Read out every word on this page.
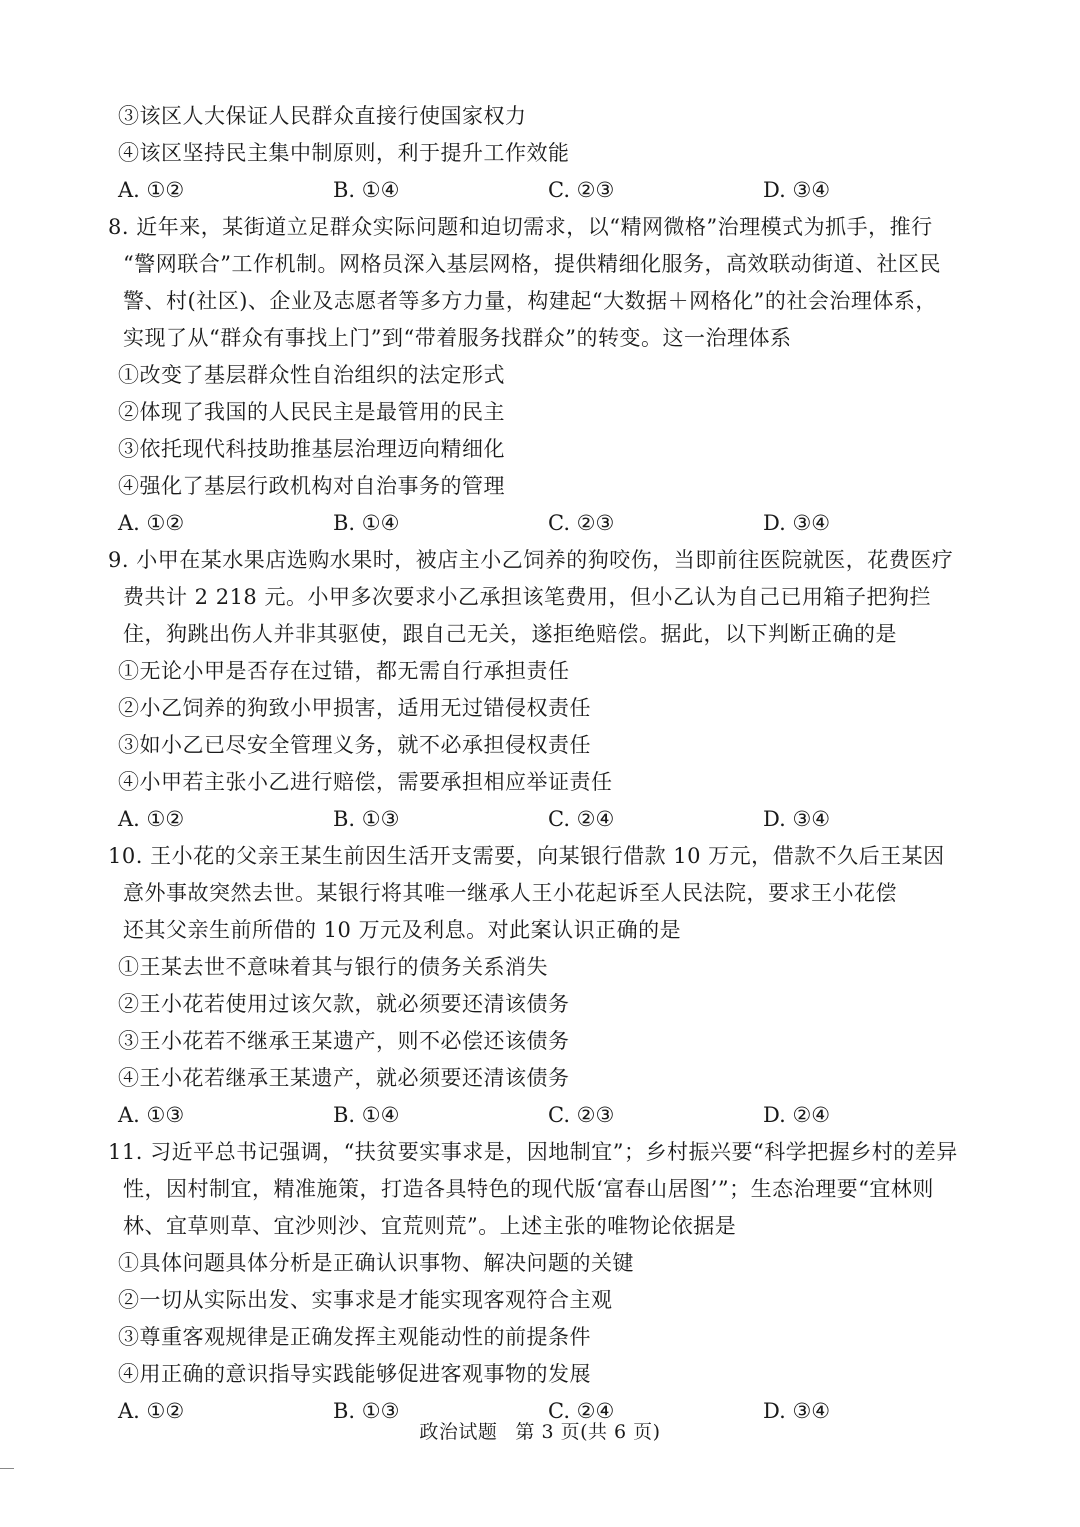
③该区人大保证人民群众直接行使国家权力
④该区坚持民主集中制原则，利于提升工作效能
A. ①②	B. ①④	C. ②③	D. ③④
8. 近年来，某街道立足群众实际问题和迫切需求，以“精网微格”治理模式为抓手，推行
“警网联合”工作机制。网格员深入基层网格，提供精细化服务，高效联动街道、社区民
警、村(社区)、企业及志愿者等多方力量，构建起“大数据＋网格化”的社会治理体系，
实现了从“群众有事找上门”到“带着服务找群众”的转变。这一治理体系
①改变了基层群众性自治组织的法定形式
②体现了我国的人民民主是最管用的民主
③依托现代科技助推基层治理迈向精细化
④强化了基层行政机构对自治事务的管理
A. ①②	B. ①④	C. ②③	D. ③④
9. 小甲在某水果店选购水果时，被店主小乙饲养的狗咬伤，当即前往医院就医，花费医疗
费共计 2 218 元。小甲多次要求小乙承担该笔费用，但小乙认为自己已用箱子把狗拦
住，狗跳出伤人并非其驱使，跟自己无关，遂拒绝赔偿。据此，以下判断正确的是
①无论小甲是否存在过错，都无需自行承担责任
②小乙饲养的狗致小甲损害，适用无过错侵权责任
③如小乙已尽安全管理义务，就不必承担侵权责任
④小甲若主张小乙进行赔偿，需要承担相应举证责任
A. ①②	B. ①③	C. ②④	D. ③④
10. 王小花的父亲王某生前因生活开支需要，向某银行借款 10 万元，借款不久后王某因
意外事故突然去世。某银行将其唯一继承人王小花起诉至人民法院，要求王小花偿
还其父亲生前所借的 10 万元及利息。对此案认识正确的是
①王某去世不意味着其与银行的债务关系消失
②王小花若使用过该欠款，就必须要还清该债务
③王小花若不继承王某遗产，则不必偿还该债务
④王小花若继承王某遗产，就必须要还清该债务
A. ①③	B. ①④	C. ②③	D. ②④
11. 习近平总书记强调，“扶贫要实事求是，因地制宜”；乡村振兴要“科学把握乡村的差异
性，因村制宜，精准施策，打造各具特色的现代版‘富春山居图’”；生态治理要“宜林则
林、宜草则草、宜沙则沙、宜荒则荒”。上述主张的唯物论依据是
①具体问题具体分析是正确认识事物、解决问题的关键
②一切从实际出发、实事求是才能实现客观符合主观
③尊重客观规律是正确发挥主观能动性的前提条件
④用正确的意识指导实践能够促进客观事物的发展
A. ①②	B. ①③	C. ②④	D. ③④
政治试题 第 3 页(共 6 页)
